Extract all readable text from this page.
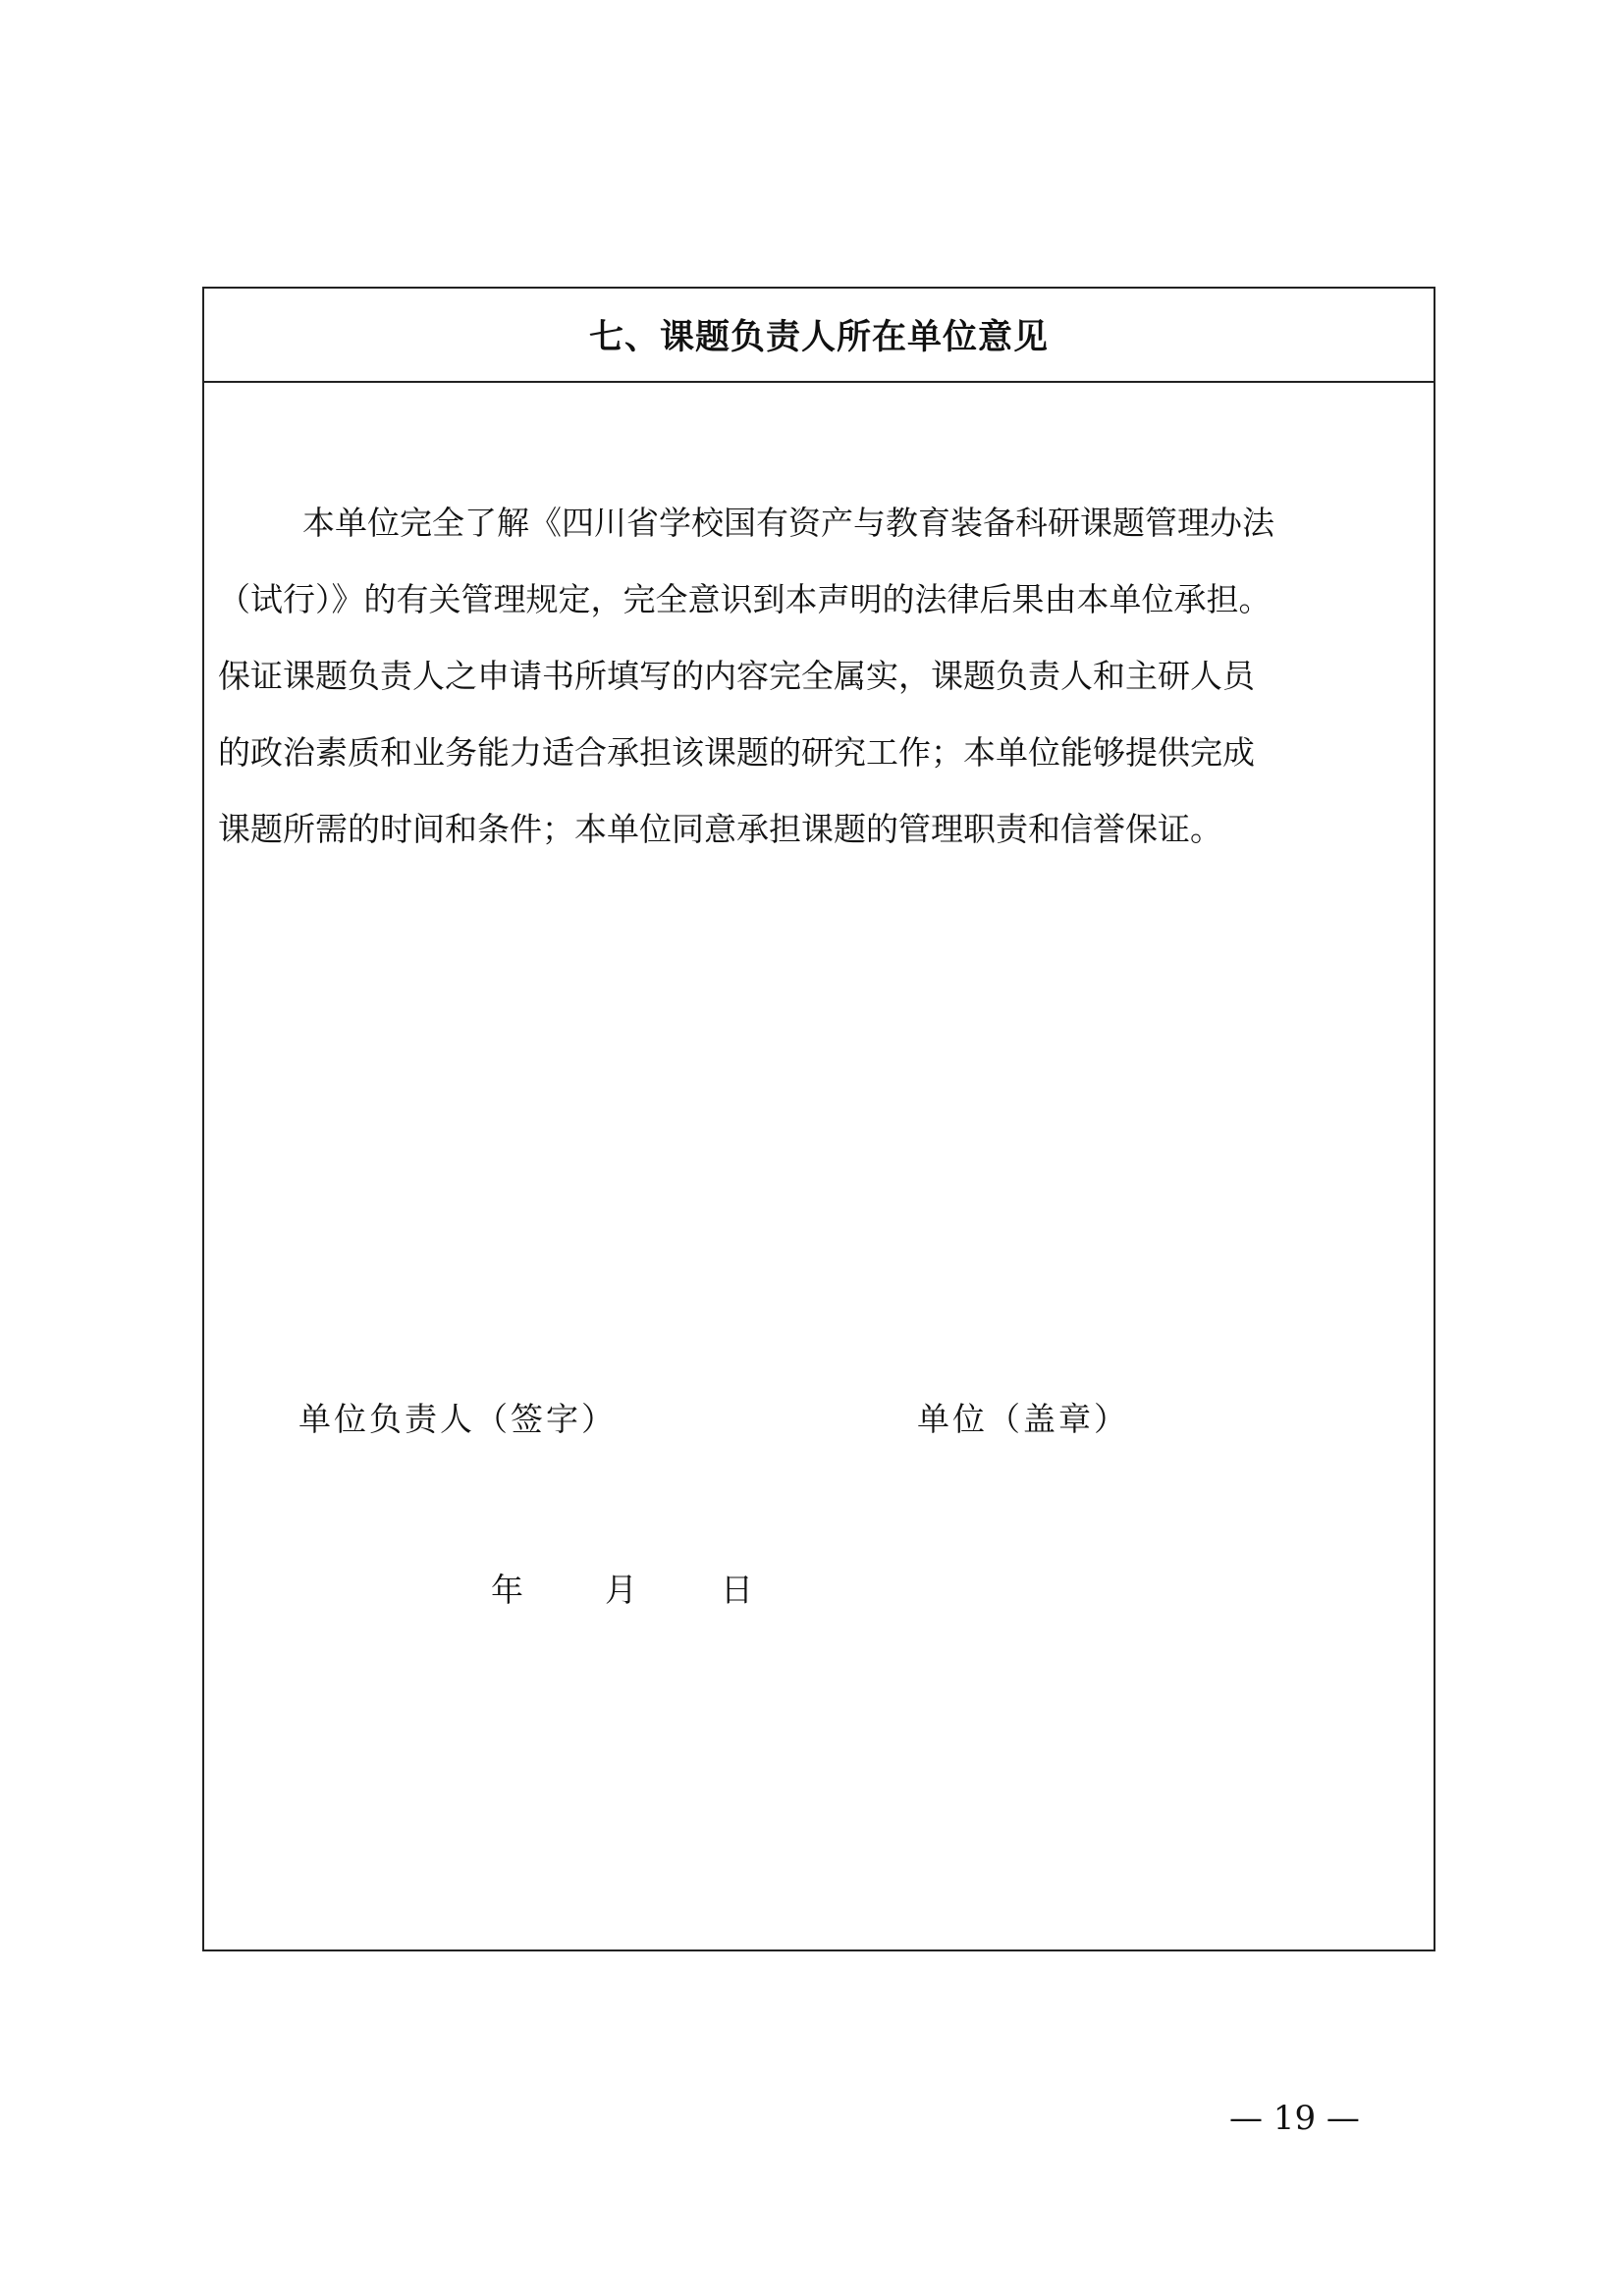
七、课题负责人所在单位意见
本单位完全了解《四川省学校国有资产与教育装备科研课题管理办法
（试行）》的有关管理规定，完全意识到本声明的法律后果由本单位承担。
保证课题负责人之申请书所填写的内容完全属实，课题负责人和主研人员
的政治素质和业务能力适合承担该课题的研究工作；本单位能够提供完成
课题所需的时间和条件；本单位同意承担课题的管理职责和信誉保证。
单位负责人（签字）	单位（盖章）
年	月	日
— 19 —
